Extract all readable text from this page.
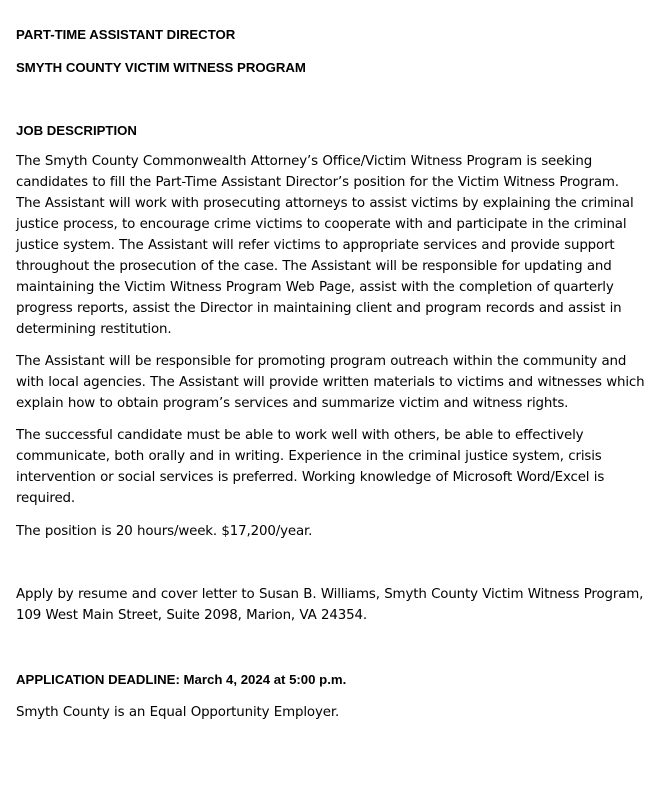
PART-TIME ASSISTANT DIRECTOR
SMYTH COUNTY VICTIM WITNESS PROGRAM
JOB DESCRIPTION
The Smyth County Commonwealth Attorney’s Office/Victim Witness Program is seeking
candidates to fill the Part-Time Assistant Director’s position for the Victim Witness Program.
The Assistant will work with prosecuting attorneys to assist victims by explaining the criminal
justice process, to encourage crime victims to cooperate with and participate in the criminal
justice system. The Assistant will refer victims to appropriate services and provide support
throughout the prosecution of the case. The Assistant will be responsible for updating and
maintaining the Victim Witness Program Web Page, assist with the completion of quarterly
progress reports, assist the Director in maintaining client and program records and assist in
determining restitution.
The Assistant will be responsible for promoting program outreach within the community and
with local agencies. The Assistant will provide written materials to victims and witnesses which
explain how to obtain program’s services and summarize victim and witness rights.
The successful candidate must be able to work well with others, be able to effectively
communicate, both orally and in writing. Experience in the criminal justice system, crisis
intervention or social services is preferred. Working knowledge of Microsoft Word/Excel is
required.
The position is 20 hours/week. $17,200/year.
Apply by resume and cover letter to Susan B. Williams, Smyth County Victim Witness Program,
109 West Main Street, Suite 2098, Marion, VA 24354.
APPLICATION DEADLINE: March 4, 2024 at 5:00 p.m.
Smyth County is an Equal Opportunity Employer.
